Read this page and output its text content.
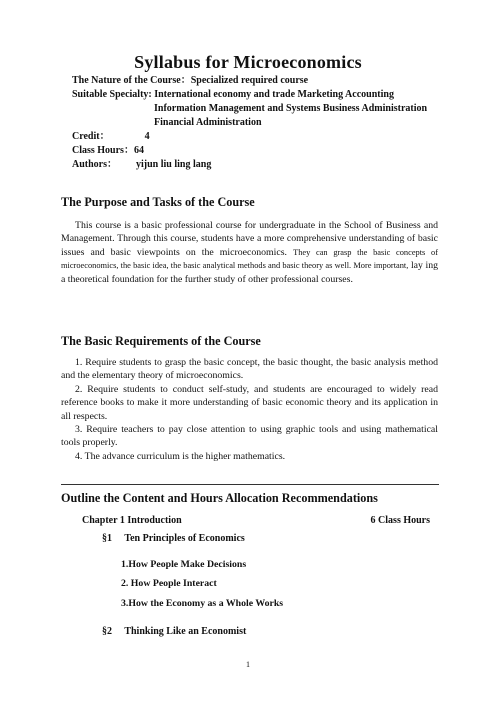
Syllabus for Microeconomics
The Nature of the Course：Specialized required course
Suitable Specialty: International economy and trade Marketing Accounting
Information Management and Systems Business Administration
Financial Administration
Credit：	4
Class Hours：64
Authors： yijun liu ling lang
The Purpose and Tasks of the Course
This course is a basic professional course for undergraduate in the School of Business and Management. Through this course, students have a more comprehensive understanding of basic issues and basic viewpoints on the microeconomics. They can grasp the basic concepts of microeconomics, the basic idea, the basic analytical methods and basic theory as well. More important, lay ing a theoretical foundation for the further study of other professional courses.
The Basic Requirements of the Course
1. Require students to grasp the basic concept, the basic thought, the basic analysis method and the elementary theory of microeconomics.
2. Require students to conduct self-study, and students are encouraged to widely read reference books to make it more understanding of basic economic theory and its application in all respects.
3. Require teachers to pay close attention to using graphic tools and using mathematical tools properly.
4. The advance curriculum is the higher mathematics.
Outline the Content and Hours Allocation Recommendations
Chapter 1 Introduction	6 Class Hours
§1 Ten Principles of Economics
1.How People Make Decisions
2. How People Interact
3.How the Economy as a Whole Works
§2 Thinking Like an Economist
1
